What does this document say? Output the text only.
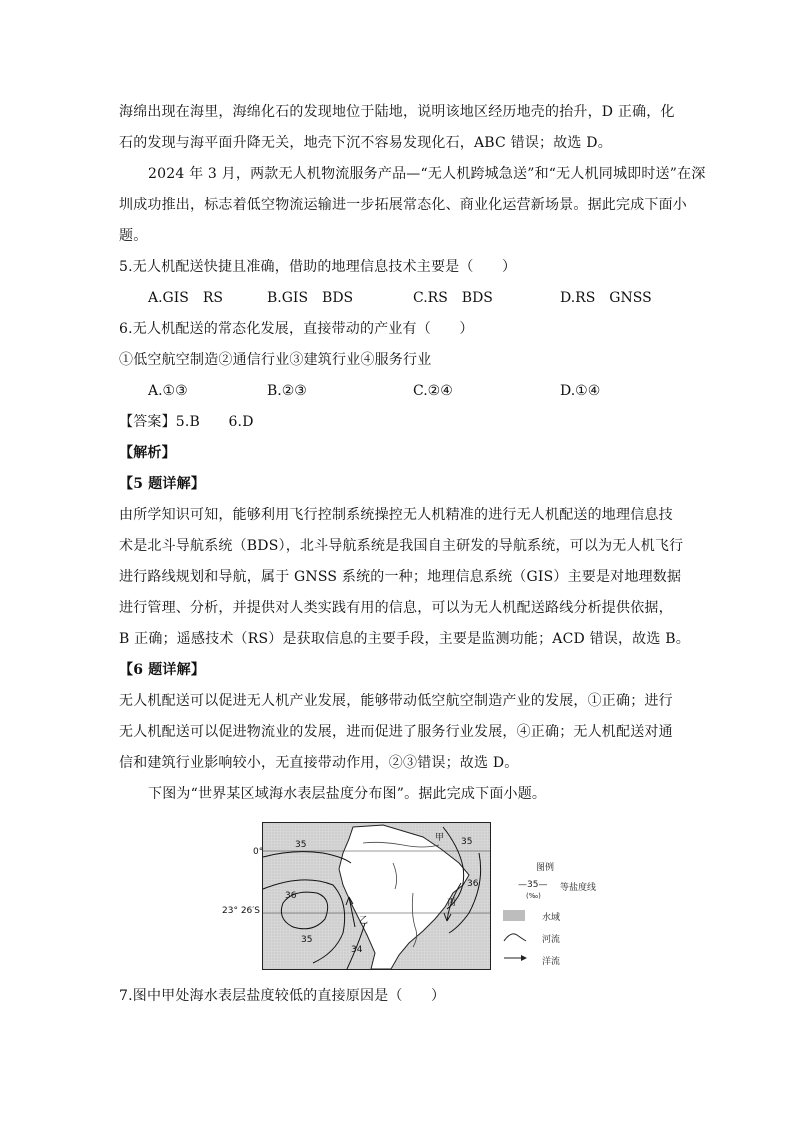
海绵出现在海里，海绵化石的发现地位于陆地，说明该地区经历地壳的抬升，D 正确，化
石的发现与海平面升降无关，地壳下沉不容易发现化石，ABC 错误；故选 D。
2024 年 3 月，两款无人机物流服务产品—“无人机跨城急送”和“无人机同城即时送”在深
圳成功推出，标志着低空物流运输进一步拓展常态化、商业化运营新场景。据此完成下面小
题。
5.无人机配送快捷且准确，借助的地理信息技术主要是（　　）
A.GIS　RS	B.GIS　BDS	C.RS　BDS	D.RS　GNSS
6.无人机配送的常态化发展，直接带动的产业有（　　）
①低空航空制造②通信行业③建筑行业④服务行业
A.①③	B.②③	C.②④	D.①④
【答案】5.B　　6.D
【解析】
【5 题详解】
由所学知识可知，能够利用飞行控制系统操控无人机精准的进行无人机配送的地理信息技
术是北斗导航系统（BDS），北斗导航系统是我国自主研发的导航系统，可以为无人机飞行
进行路线规划和导航，属于 GNSS 系统的一种；地理信息系统（GIS）主要是对地理数据
进行管理、分析，并提供对人类实践有用的信息，可以为无人机配送路线分析提供依据，
B 正确；遥感技术（RS）是获取信息的主要手段，主要是监测功能；ACD 错误，故选 B。
【6 题详解】
无人机配送可以促进无人机产业发展，能够带动低空航空制造产业的发展，①正确；进行
无人机配送可以促进物流业的发展，进而促进了服务行业发展，④正确；无人机配送对通
信和建筑行业影响较小，无直接带动作用，②③错误；故选 D。
下图为“世界某区域海水表层盐度分布图”。据此完成下面小题。
0°
35	35
36
36
35
34
甲
乙
丙
23° 26′S
图例
—35—
(‰)
等盐度线
水域
河流
洋流
7.图中甲处海水表层盐度较低的直接原因是（　　）
